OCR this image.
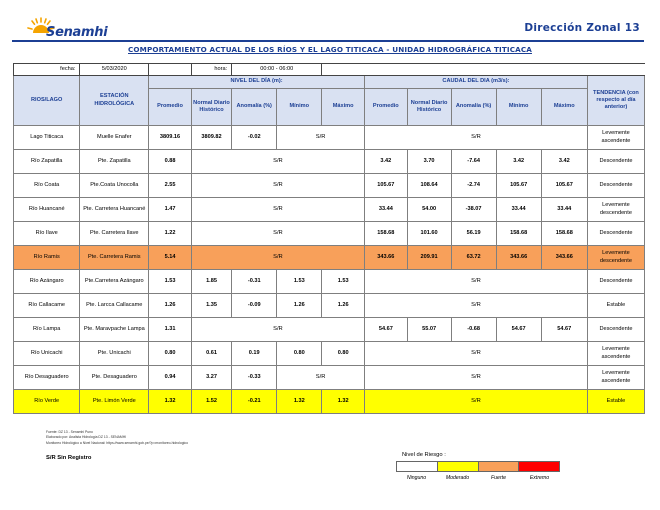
Senamhi	Dirección Zonal 13
COMPORTAMIENTO ACTUAL DE LOS RÍOS Y EL LAGO TITICACA - UNIDAD HIDROGRÁFICA TITICACA
fecha:	5/03/2020		hora:	00:00 - 06:00								
RIOS/LAGO	ESTACIÓN HIDROLÓGICA	NIVEL DEL DÍA (m):					CAUDAL DEL DIA (m3/s):					TENDENCIA (con respecto al día anterior)
		Promedio	Normal Diario Histórico	Anomalía (%)	Mínimo	Máximo	Promedio	Normal Diario Histórico	Anomalía (%)	Mínimo	Máximo	
Lago Titicaca	Muelle Enafer	3809.16	3809.82	-0.02	S/R		S/R					Levemente ascendente
Río Zapatilla	Pte. Zapatilla	0.88	S/R				3.42	3.70	-7.64	3.42	3.42	Descendente
Río Coata	Pte.Coata Unocolla	2.55	S/R				105.67	108.64	-2.74	105.67	105.67	Descendente
Río Huancané	Pte. Carretera Huancané	1.47	S/R				33.44	54.00	-38.07	33.44	33.44	Levemente descendente
Río Ilave	Pte. Carretera Ilave	1.22	S/R				158.68	101.60	56.19	158.68	158.68	Descendente
Río Ramis	Pte. Carretera Ramis	5.14	S/R				343.66	209.91	63.72	343.66	343.66	Levemente descendente
Río Azángaro	Pte.Carretera Azángaro	1.53	1.85	-0.31	1.53	1.53	S/R					Descendente
Río Callacame	Pte. Larcca Callacame	1.26	1.35	-0.09	1.26	1.26	S/R					Estable
Río Lampa	Pte. Maravpache Lampa	1.31	S/R				54.67	55.07	-0.68	54.67	54.67	Descendente
Río Unicachi	Pte. Unicachi	0.80	0.61	0.19	0.80	0.80	S/R					Levemente ascendente
Río Desaguadero	Pte. Desaguadero	0.94	3.27	-0.33	S/R		S/R					Levemente ascendente
Río Verde	Pte. Limón Verde	1.32	1.52	-0.21	1.32	1.32	S/R					Estable
Fuente: DZ 13 - Senamhi Puno
Elaborado por: Analista Hidrología DZ 13 - SENAMHI
Monitoreo Hidrológico a Nivel Nacional: https://www.senamhi.gob.pe/?p=monitoreo-hidrologico
S/R Sin Registro	Nivel de Riesgo :
Ninguno	Moderado	Fuerte	Extremo
